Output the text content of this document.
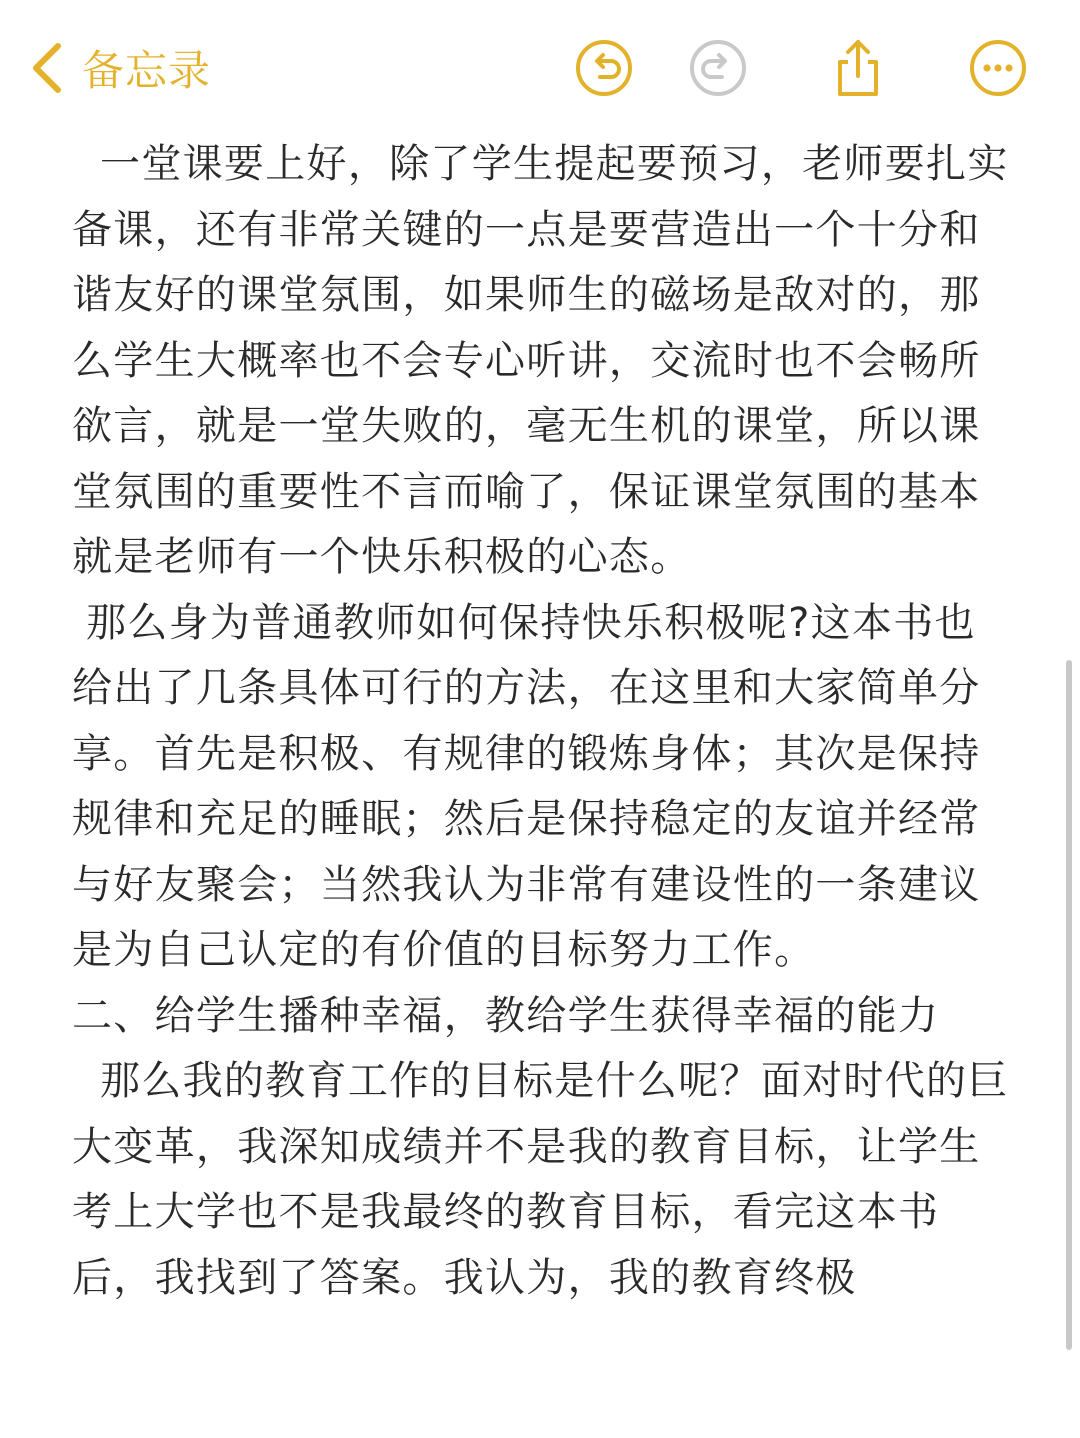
备忘录

一堂课要上好，除了学生提起要预习，老师要扎实备课，还有非常关键的一点是要营造出一个十分和谐友好的课堂氛围，如果师生的磁场是敌对的，那么学生大概率也不会专心听讲，交流时也不会畅所欲言，就是一堂失败的，毫无生机的课堂，所以课堂氛围的重要性不言而喻了，保证课堂氛围的基本就是老师有一个快乐积极的心态。

那么身为普通教师如何保持快乐积极呢?这本书也给出了几条具体可行的方法，在这里和大家简单分享。首先是积极、有规律的锻炼身体；其次是保持规律和充足的睡眠；然后是保持稳定的友谊并经常与好友聚会；当然我认为非常有建设性的一条建议是为自己认定的有价值的目标努力工作。

二、给学生播种幸福，教给学生获得幸福的能力

那么我的教育工作的目标是什么呢？面对时代的巨大变革，我深知成绩并不是我的教育目标，让学生考上大学也不是我最终的教育目标，看完这本书后，我找到了答案。我认为，我的教育终极
